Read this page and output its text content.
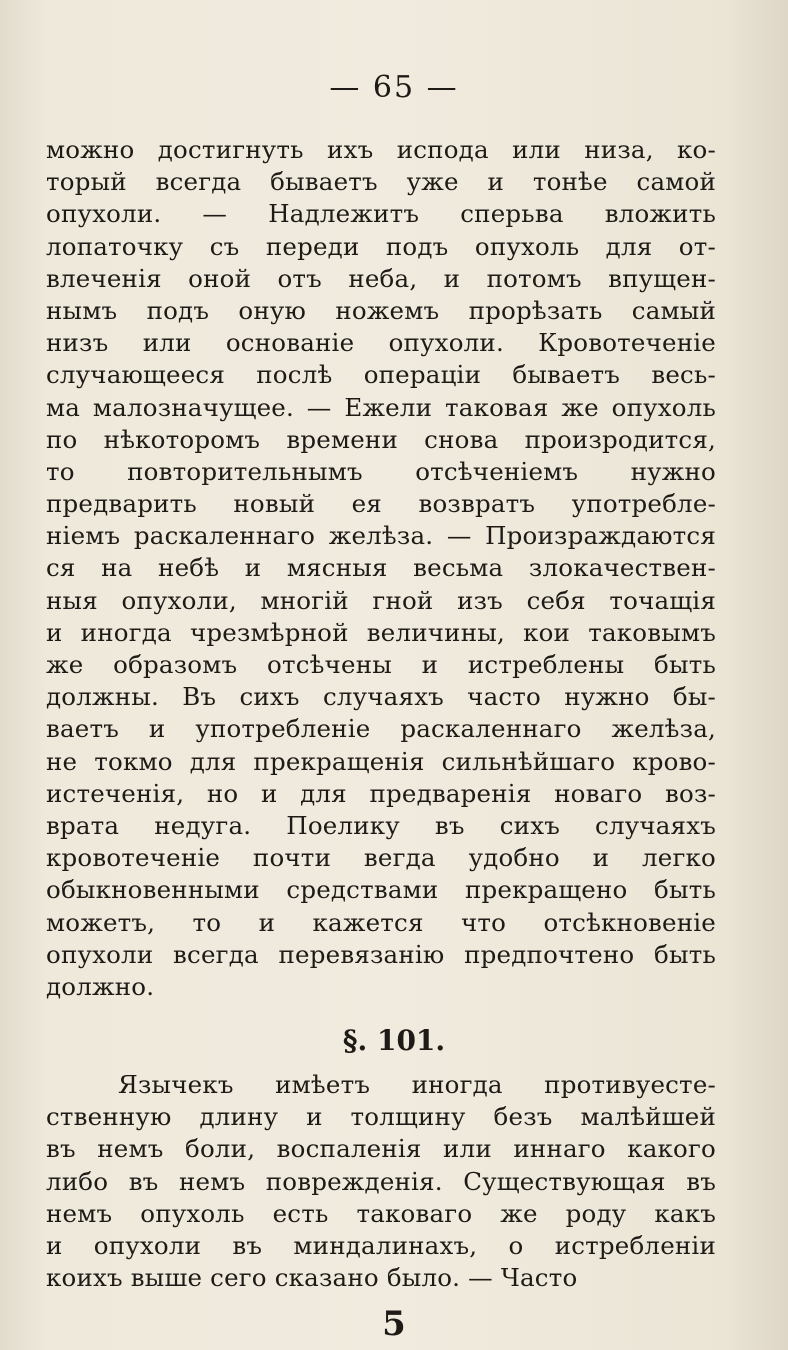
— 65 —
можно достигнуть ихъ исподa или низа, ко-
торый всегда бываетъ уже и тонѣе самой
опухоли. — Надлежитъ сперьва вложить
лопаточку съ переди подъ опухоль для от-
влеченія оной отъ неба, и потомъ впущен-
нымъ подъ оную ножемъ прорѣзать самый
низъ или основаніе опухоли. Кровотеченіе
случающееся послѣ операціи бываетъ весь-
ма малозначущее. — Ежели таковая же опухоль
по нѣкоторомъ времени снова произродится,
то повторительнымъ отсѣченіемъ нужно
предварить новый ея возвратъ употребле-
ніемъ раскаленнаго желѣза. — Произраждаются
ся на небѣ и мясныя весьма злокачествен-
ныя опухоли, многій гной изъ себя точащія
и иногда чрезмѣрной величины, кои таковымъ
же образомъ отсѣчены и истреблены быть
должны. Въ сихъ случаяхъ часто нужно бы-
ваетъ и употребленіе раскаленнаго желѣза,
не токмо для прекращенія сильнѣйшаго крово-
истеченія, но и для предваренія новаго воз-
врата недуга. Поелику въ сихъ случаяхъ
кровотеченіе почти вегда удобно и легко
обыкновенными средствами прекращено быть
можетъ, то и кажется что отсѣкновеніе
опухоли всегда перевязанію предпочтено быть
должно.
§. 101.
Язычекъ имѣетъ иногда противуесте-
ственную длину и толщину безъ малѣйшей
въ немъ боли, воспаленія или иннаго какого
либо въ немъ поврежденія. Существующая въ
немъ опухоль есть таковаго же роду какъ
и опухоли въ миндалинахъ, о истребленіи
коихъ выше сего сказано было. — Часто
5
